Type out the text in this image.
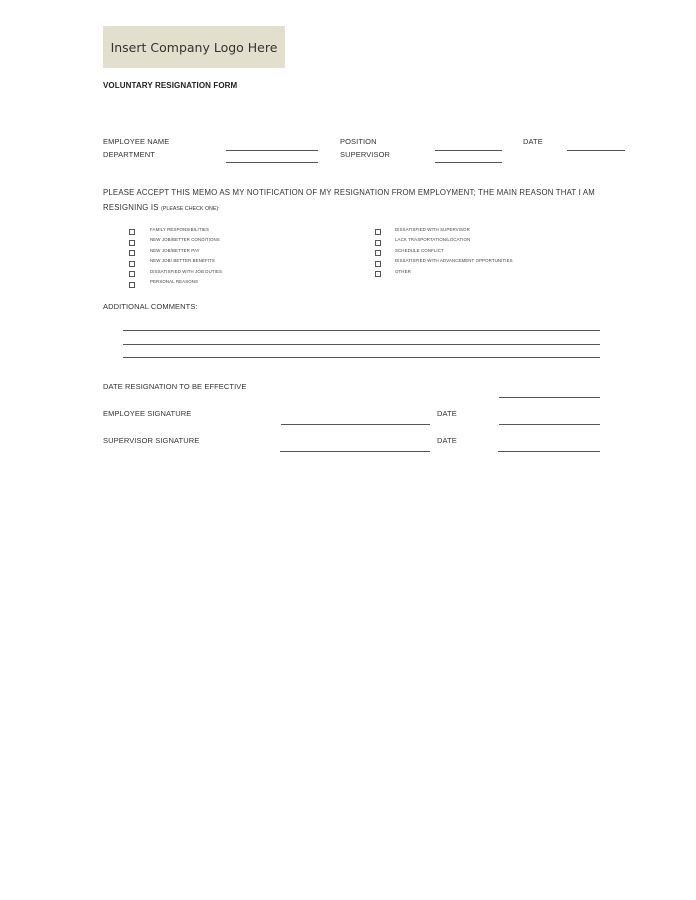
Insert Company Logo Here
VOLUNTARY RESIGNATION FORM
EMPLOYEE NAME	POSITION	DATE
DEPARTMENT	SUPERVISOR
PLEASE ACCEPT THIS MEMO AS MY NOTIFICATION OF MY RESIGNATION FROM EMPLOYMENT; THE MAIN REASON THAT I AM RESIGNING IS (PLEASE CHECK ONE):
FAMILY RESPONSIBILITIES
NEW JOB/BETTER CONDITIONS
NEW JOB/BETTER PAY
NEW JOB/ BETTER BENEFITS
DISSATISFIED WITH JOB DUTIES
PERSONAL REASONS
DISSATISFIED WITH SUPERVISOR
LACK TRASPORTATION/LOCATION
SCHEDULE CONFLICT
DISSATISFIED WITH ADVANCEMENT OPPORTUNITIES
OTHER
ADDITIONAL COMMENTS:
DATE RESIGNATION TO BE EFFECTIVE
EMPLOYEE SIGNATURE	DATE
SUPERVISOR SIGNATURE	DATE
